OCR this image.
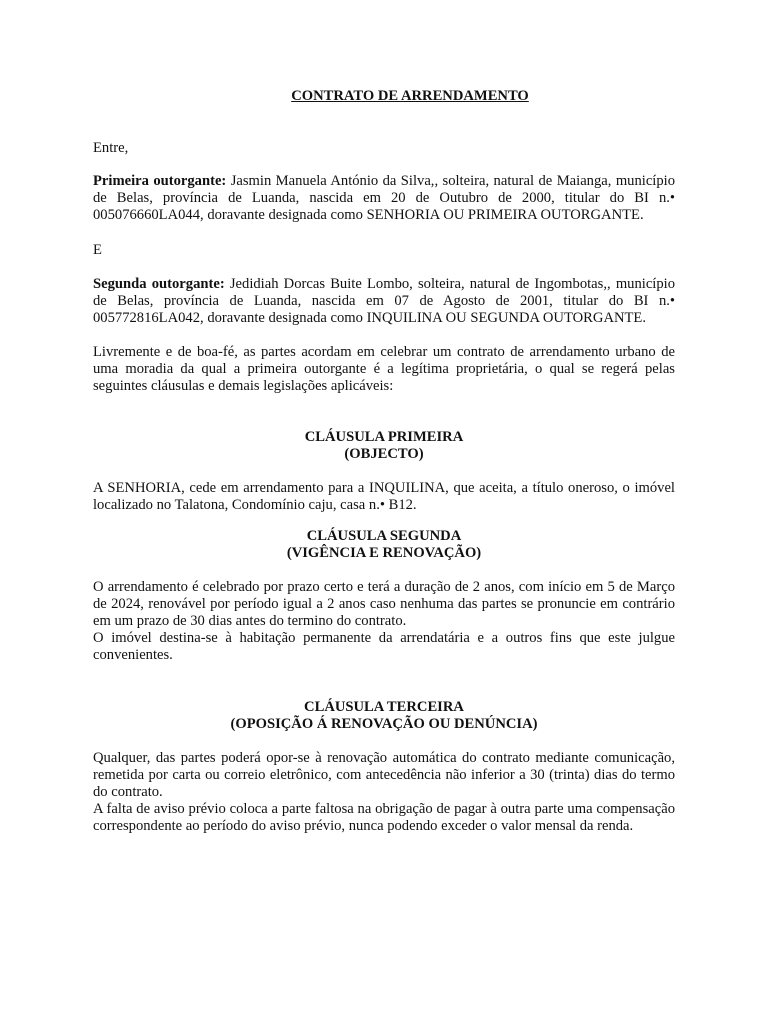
CONTRATO DE ARRENDAMENTO

Entre,

Primeira outorgante: Jasmin Manuela António da Silva,, solteira, natural de Maianga, município de Belas, província de Luanda, nascida em 20 de Outubro de 2000, titular do BI n.• 005076660LA044, doravante designada como SENHORIA OU PRIMEIRA OUTORGANTE.

E

Segunda outorgante: Jedidiah Dorcas Buite Lombo, solteira, natural de Ingombotas,, município de Belas, província de Luanda, nascida em 07 de Agosto de 2001, titular do BI n.• 005772816LA042, doravante designada como INQUILINA OU SEGUNDA OUTORGANTE.

Livremente e de boa-fé, as partes acordam em celebrar um contrato de arrendamento urbano de uma moradia da qual a primeira outorgante é a legítima proprietária, o qual se regerá pelas seguintes cláusulas e demais legislações aplicáveis:

CLÁUSULA PRIMEIRA

(OBJECTO)

A SENHORIA, cede em arrendamento para a INQUILINA, que aceita, a título oneroso, o imóvel localizado no Talatona, Condomínio caju, casa n.• B12.

CLÁUSULA SEGUNDA

(VIGÊNCIA E RENOVAÇÃO)

O arrendamento é celebrado por prazo certo e terá a duração de 2 anos, com início em 5 de Março de 2024, renovável por período igual a 2 anos caso nenhuma das partes se pronuncie em contrário em um prazo de 30 dias antes do termino do contrato.

O imóvel destina-se à habitação permanente da arrendatária e a outros fins que este julgue convenientes.

CLÁUSULA TERCEIRA

(OPOSIÇÃO Á RENOVAÇÃO OU DENÚNCIA)

Qualquer, das partes poderá opor-se à renovação automática do contrato mediante comunicação, remetida por carta ou correio eletrônico, com antecedência não inferior a 30 (trinta) dias do termo do contrato.

A falta de aviso prévio coloca a parte faltosa na obrigação de pagar à outra parte uma compensação correspondente ao período do aviso prévio, nunca podendo exceder o valor mensal da renda.
